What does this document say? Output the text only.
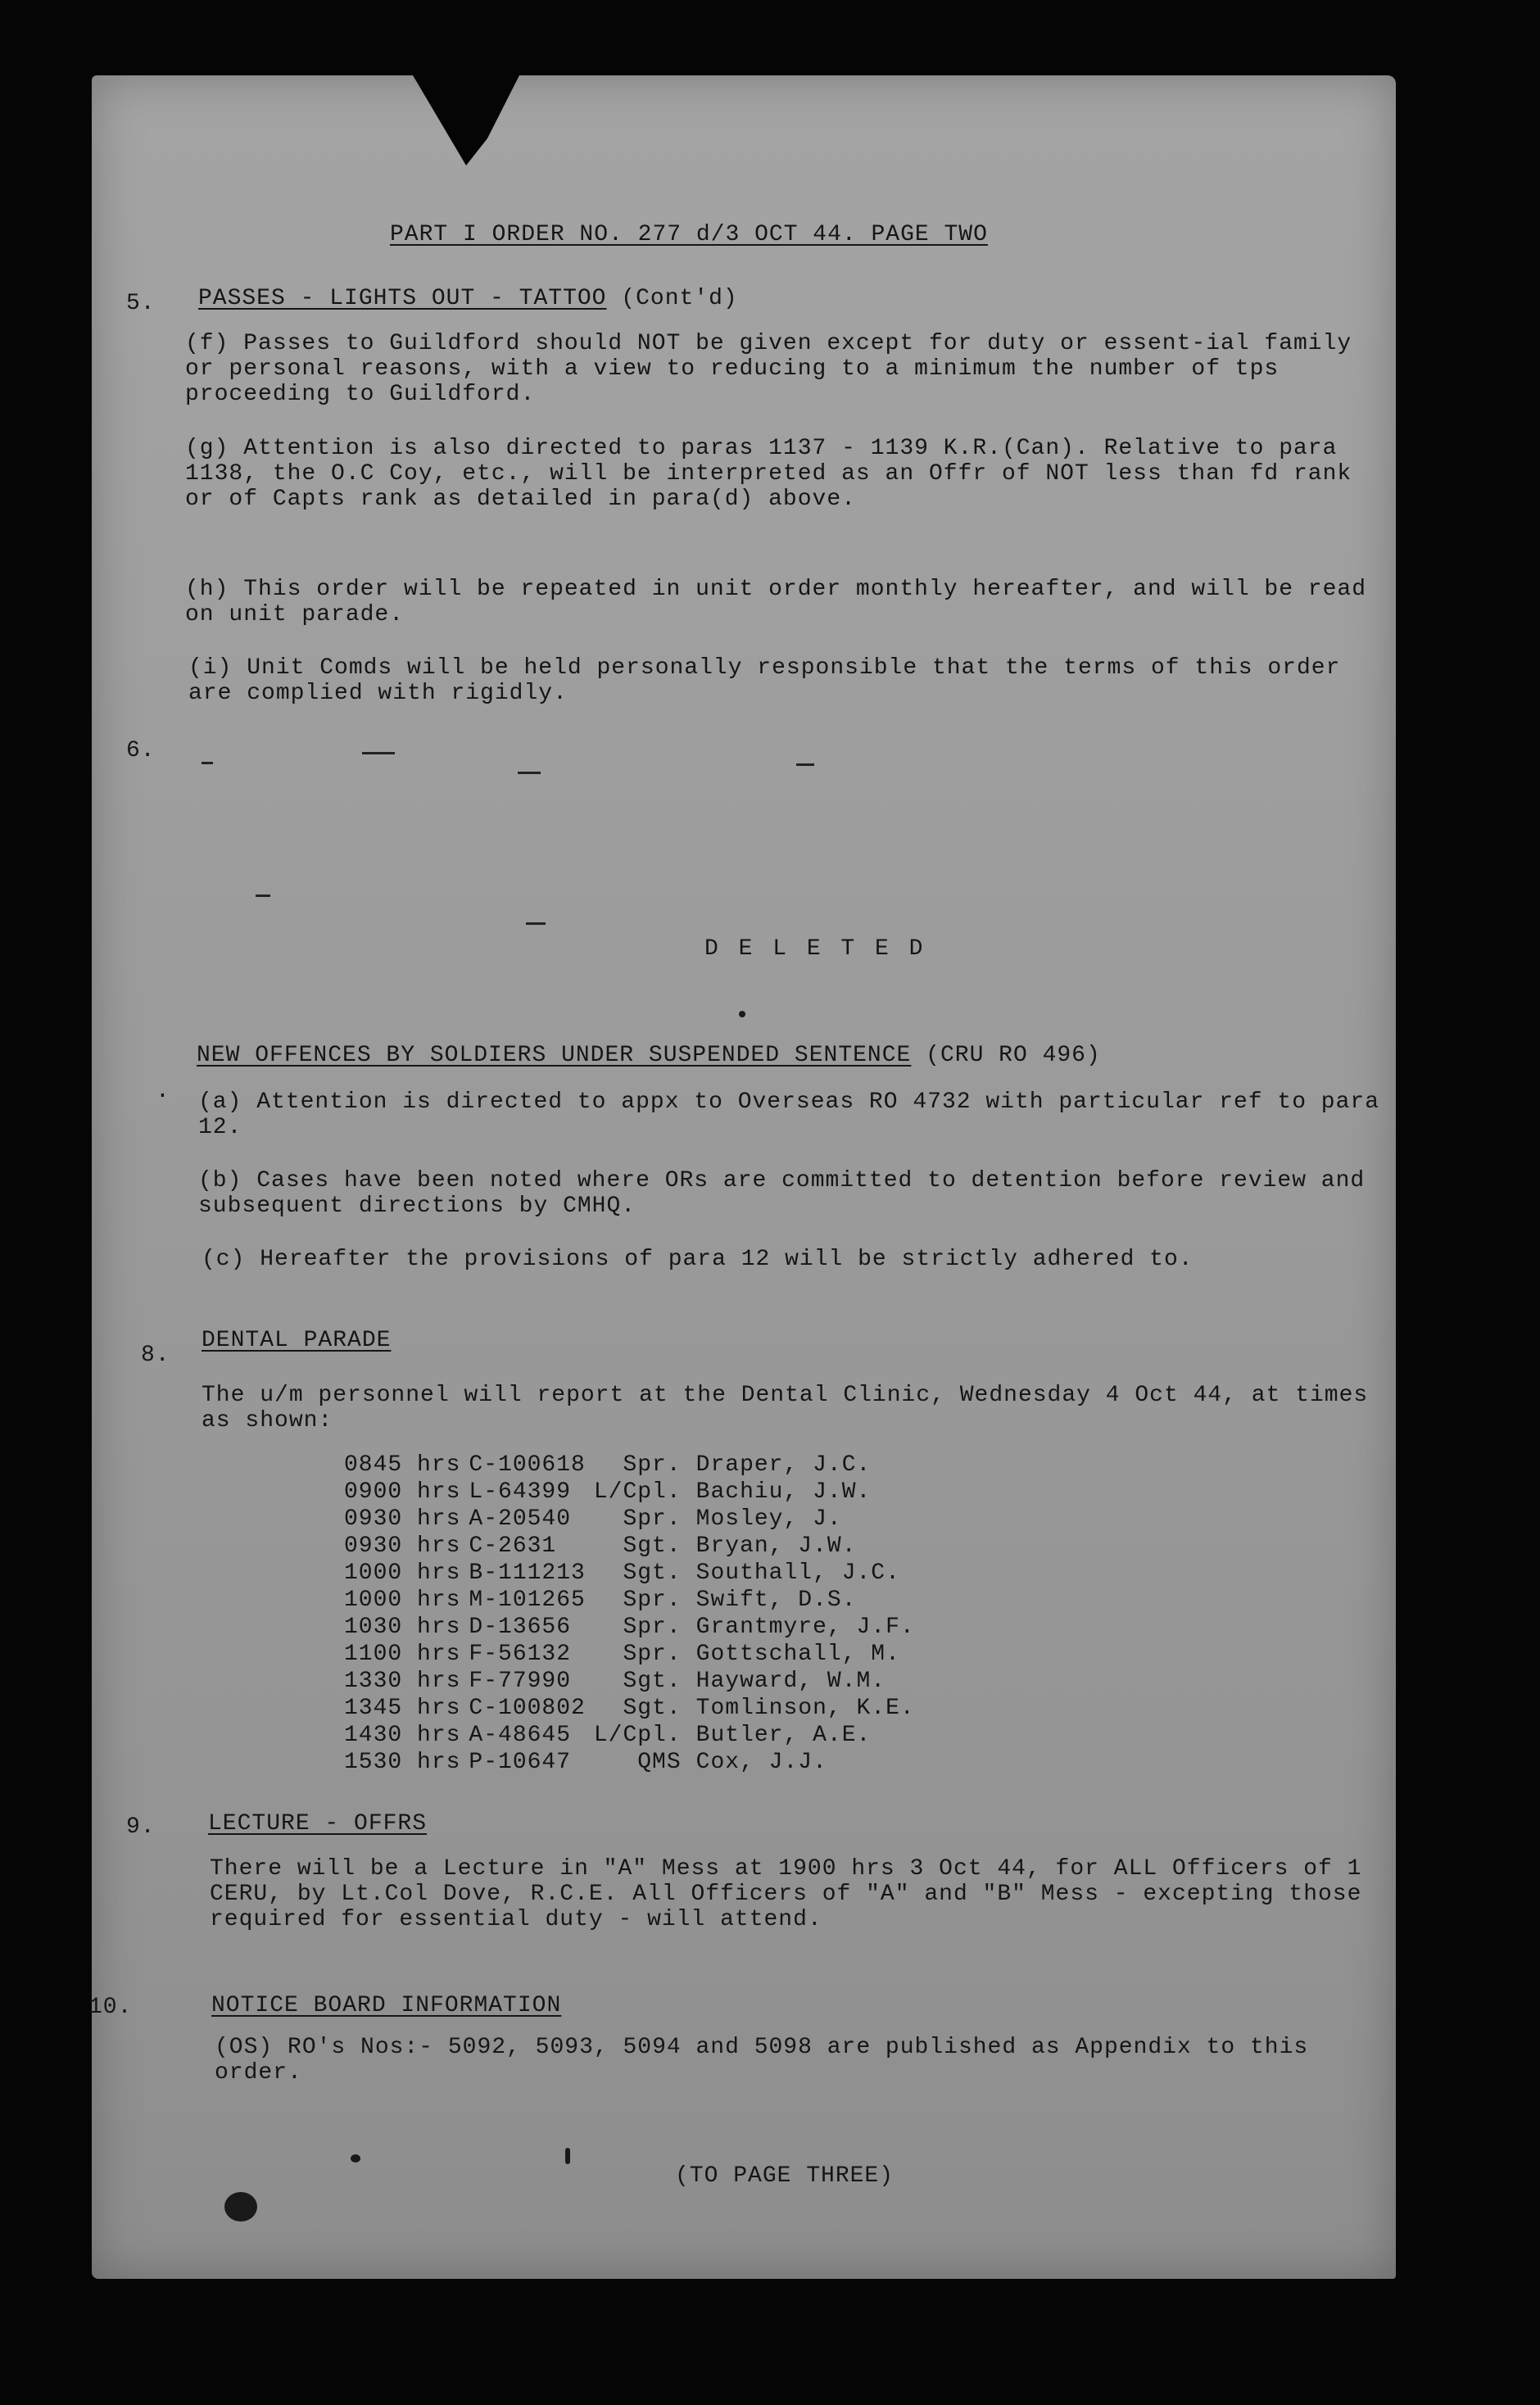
PART I ORDER NO. 277 d/3 OCT 44. PAGE TWO
5. PASSES - LIGHTS OUT - TATTOO (Cont'd)
(f) Passes to Guildford should NOT be given except for duty or essent-ial family or personal reasons, with a view to reducing to a minimum the number of tps proceeding to Guildford.
(g) Attention is also directed to paras 1137 - 1139 K.R.(Can). Relative to para 1138, the O.C Coy, etc., will be interpreted as an Offr of NOT less than fd rank or of Capts rank as detailed in para(d) above.
(h) This order will be repeated in unit order monthly hereafter, and will be read on unit parade.
(i) Unit Comds will be held personally responsible that the terms of this order are complied with rigidly.
6.
D E L E T E D
.
NEW OFFENCES BY SOLDIERS UNDER SUSPENDED SENTENCE (CRU RO 496)
(a) Attention is directed to appx to Overseas RO 4732 with particular ref to para 12.
(b) Cases have been noted where ORs are committed to detention before review and subsequent directions by CMHQ.
(c) Hereafter the provisions of para 12 will be strictly adhered to.
8.
DENTAL PARADE
The u/m personnel will report at the Dental Clinic, Wednesday 4 Oct 44, at times as shown:
0845 hrs	C-100618	Spr.	Draper, J.C.
0900 hrs	L-64399	L/Cpl.	Bachiu, J.W.
0930 hrs	A-20540	Spr.	Mosley, J.
0930 hrs	C-2631	Sgt.	Bryan, J.W.
1000 hrs	B-111213	Sgt.	Southall, J.C.
1000 hrs	M-101265	Spr.	Swift, D.S.
1030 hrs	D-13656	Spr.	Grantmyre, J.F.
1100 hrs	F-56132	Spr.	Gottschall, M.
1330 hrs	F-77990	Sgt.	Hayward, W.M.
1345 hrs	C-100802	Sgt.	Tomlinson, K.E.
1430 hrs	A-48645	L/Cpl.	Butler, A.E.
1530 hrs	P-10647	QMS	Cox, J.J.
9. LECTURE - OFFRS
There will be a Lecture in "A" Mess at 1900 hrs 3 Oct 44, for ALL Officers of 1 CERU, by Lt.Col Dove, R.C.E. All Officers of "A" and "B" Mess - excepting those required for essential duty - will attend.
10.	NOTICE BOARD INFORMATION
(OS) RO's Nos:- 5092, 5093, 5094 and 5098 are published as Appendix to this order.
(TO PAGE THREE)
